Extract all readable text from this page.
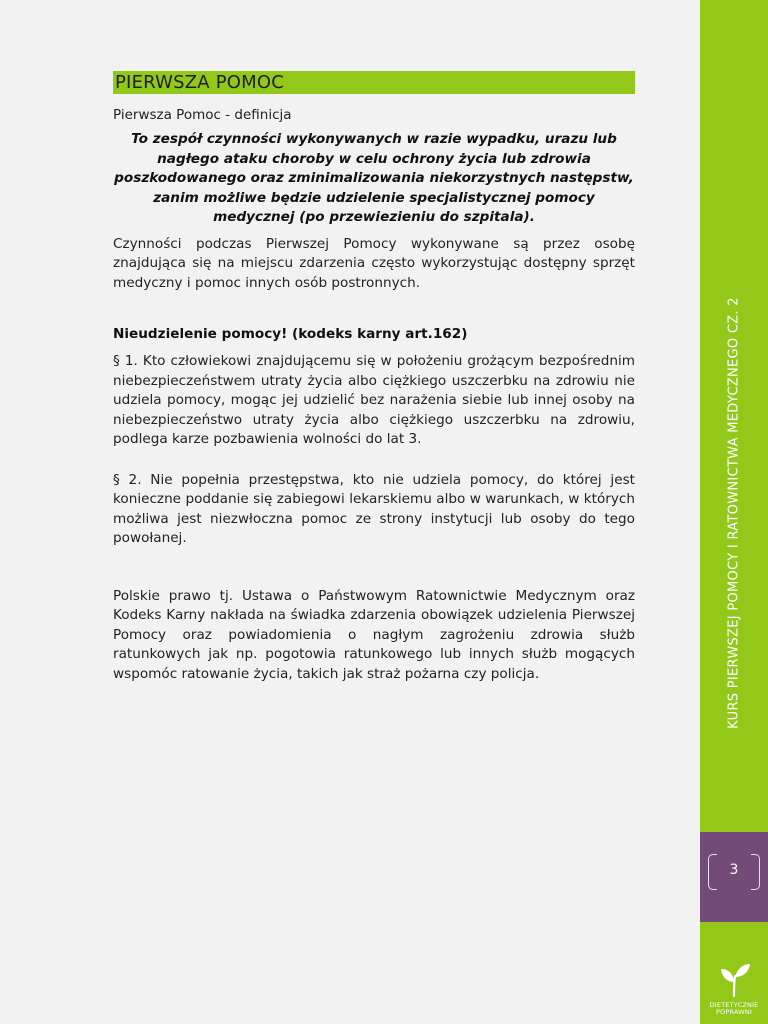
PIERWSZA POMOC
Pierwsza Pomoc - definicja
To zespół czynności wykonywanych w razie wypadku, urazu lub nagłego ataku choroby w celu ochrony życia lub zdrowia poszkodowanego oraz zminimalizowania niekorzystnych następstw, zanim możliwe będzie udzielenie specjalistycznej pomocy medycznej (po przewiezieniu do szpitala).
Czynności podczas Pierwszej Pomocy wykonywane są przez osobę znajdująca się na miejscu zdarzenia często wykorzystując dostępny sprzęt medyczny i pomoc innych osób postronnych.
Nieudzielenie pomocy! (kodeks karny art.162)
§ 1. Kto człowiekowi znajdującemu się w położeniu grożącym bezpośrednim niebezpieczeństwem utraty życia albo ciężkiego uszczerbku na zdrowiu nie udziela pomocy, mogąc jej udzielić bez narażenia siebie lub innej osoby na niebezpieczeństwo utraty życia albo ciężkiego uszczerbku na zdrowiu, podlega karze pozbawienia wolności do lat 3.
§ 2. Nie popełnia przestępstwa, kto nie udziela pomocy, do której jest konieczne poddanie się zabiegowi lekarskiemu albo w warunkach, w których możliwa jest niezwłoczna pomoc ze strony instytucji lub osoby do tego powołanej.
Polskie prawo tj. Ustawa o Państwowym Ratownictwie Medycznym oraz Kodeks Karny nakłada na świadka zdarzenia obowiązek udzielenia Pierwszej Pomocy oraz powiadomienia o nagłym zagrożeniu zdrowia służb ratunkowych jak np. pogotowia ratunkowego lub innych służb mogących wspomóc ratowanie życia, takich jak straż pożarna czy policja.	KURS PIERWSZEJ POMOCY I RATOWNICTWA MEDYCZNEGO CZ. 2
3
DIETETYCZNIE
POPRAWNI
